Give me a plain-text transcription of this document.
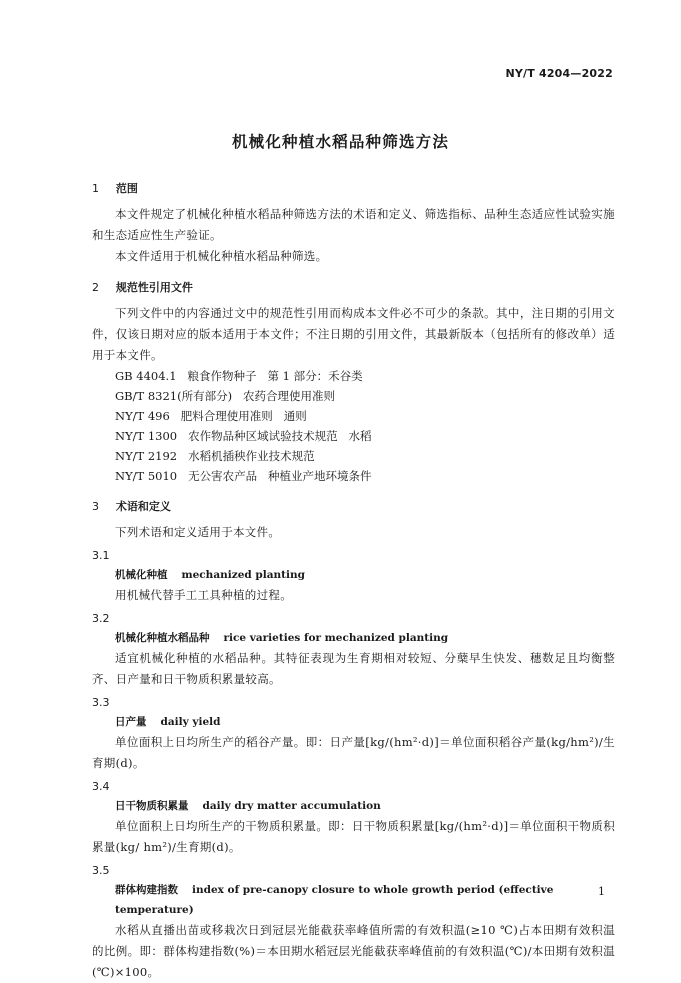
NY/T 4204—2022
机械化种植水稻品种筛选方法
1 范围

本文件规定了机械化种植水稻品种筛选方法的术语和定义、筛选指标、品种生态适应性试验实施和生态适应性生产验证。

本文件适用于机械化种植水稻品种筛选。

2 规范性引用文件

下列文件中的内容通过文中的规范性引用而构成本文件必不可少的条款。其中，注日期的引用文件，仅该日期对应的版本适用于本文件；不注日期的引用文件，其最新版本（包括所有的修改单）适用于本文件。

GB 4404.1   粮食作物种子   第 1 部分：禾谷类

GB/T 8321(所有部分)   农药合理使用准则

NY/T 496   肥料合理使用准则   通则

NY/T 1300   农作物品种区域试验技术规范   水稻

NY/T 2192   水稻机插秧作业技术规范

NY/T 5010   无公害农产品   种植业产地环境条件

3 术语和定义

下列术语和定义适用于本文件。

3.1

机械化种植 mechanized planting

用机械代替手工工具种植的过程。

3.2

机械化种植水稻品种 rice varieties for mechanized planting

适宜机械化种植的水稻品种。其特征表现为生育期相对较短、分蘖早生快发、穗数足且均衡整齐、日产量和日干物质积累量较高。

3.3

日产量 daily yield

单位面积上日均所生产的稻谷产量。即：日产量[kg/(hm²·d)]＝单位面积稻谷产量(kg/hm²)/生育期(d)。

3.4

日干物质积累量 daily dry matter accumulation

单位面积上日均所生产的干物质积累量。即：日干物质积累量[kg/(hm²·d)]＝单位面积干物质积累量(kg/ hm²)/生育期(d)。

3.5

群体构建指数 index of pre-canopy closure to whole growth period (effective temperature)

水稻从直播出苗或移栽次日到冠层光能截获率峰值所需的有效积温(≥10 ℃)占本田期有效积温的比例。即：群体构建指数(%)＝本田期水稻冠层光能截获率峰值前的有效积温(℃)/本田期有效积温(℃)×100。

1
